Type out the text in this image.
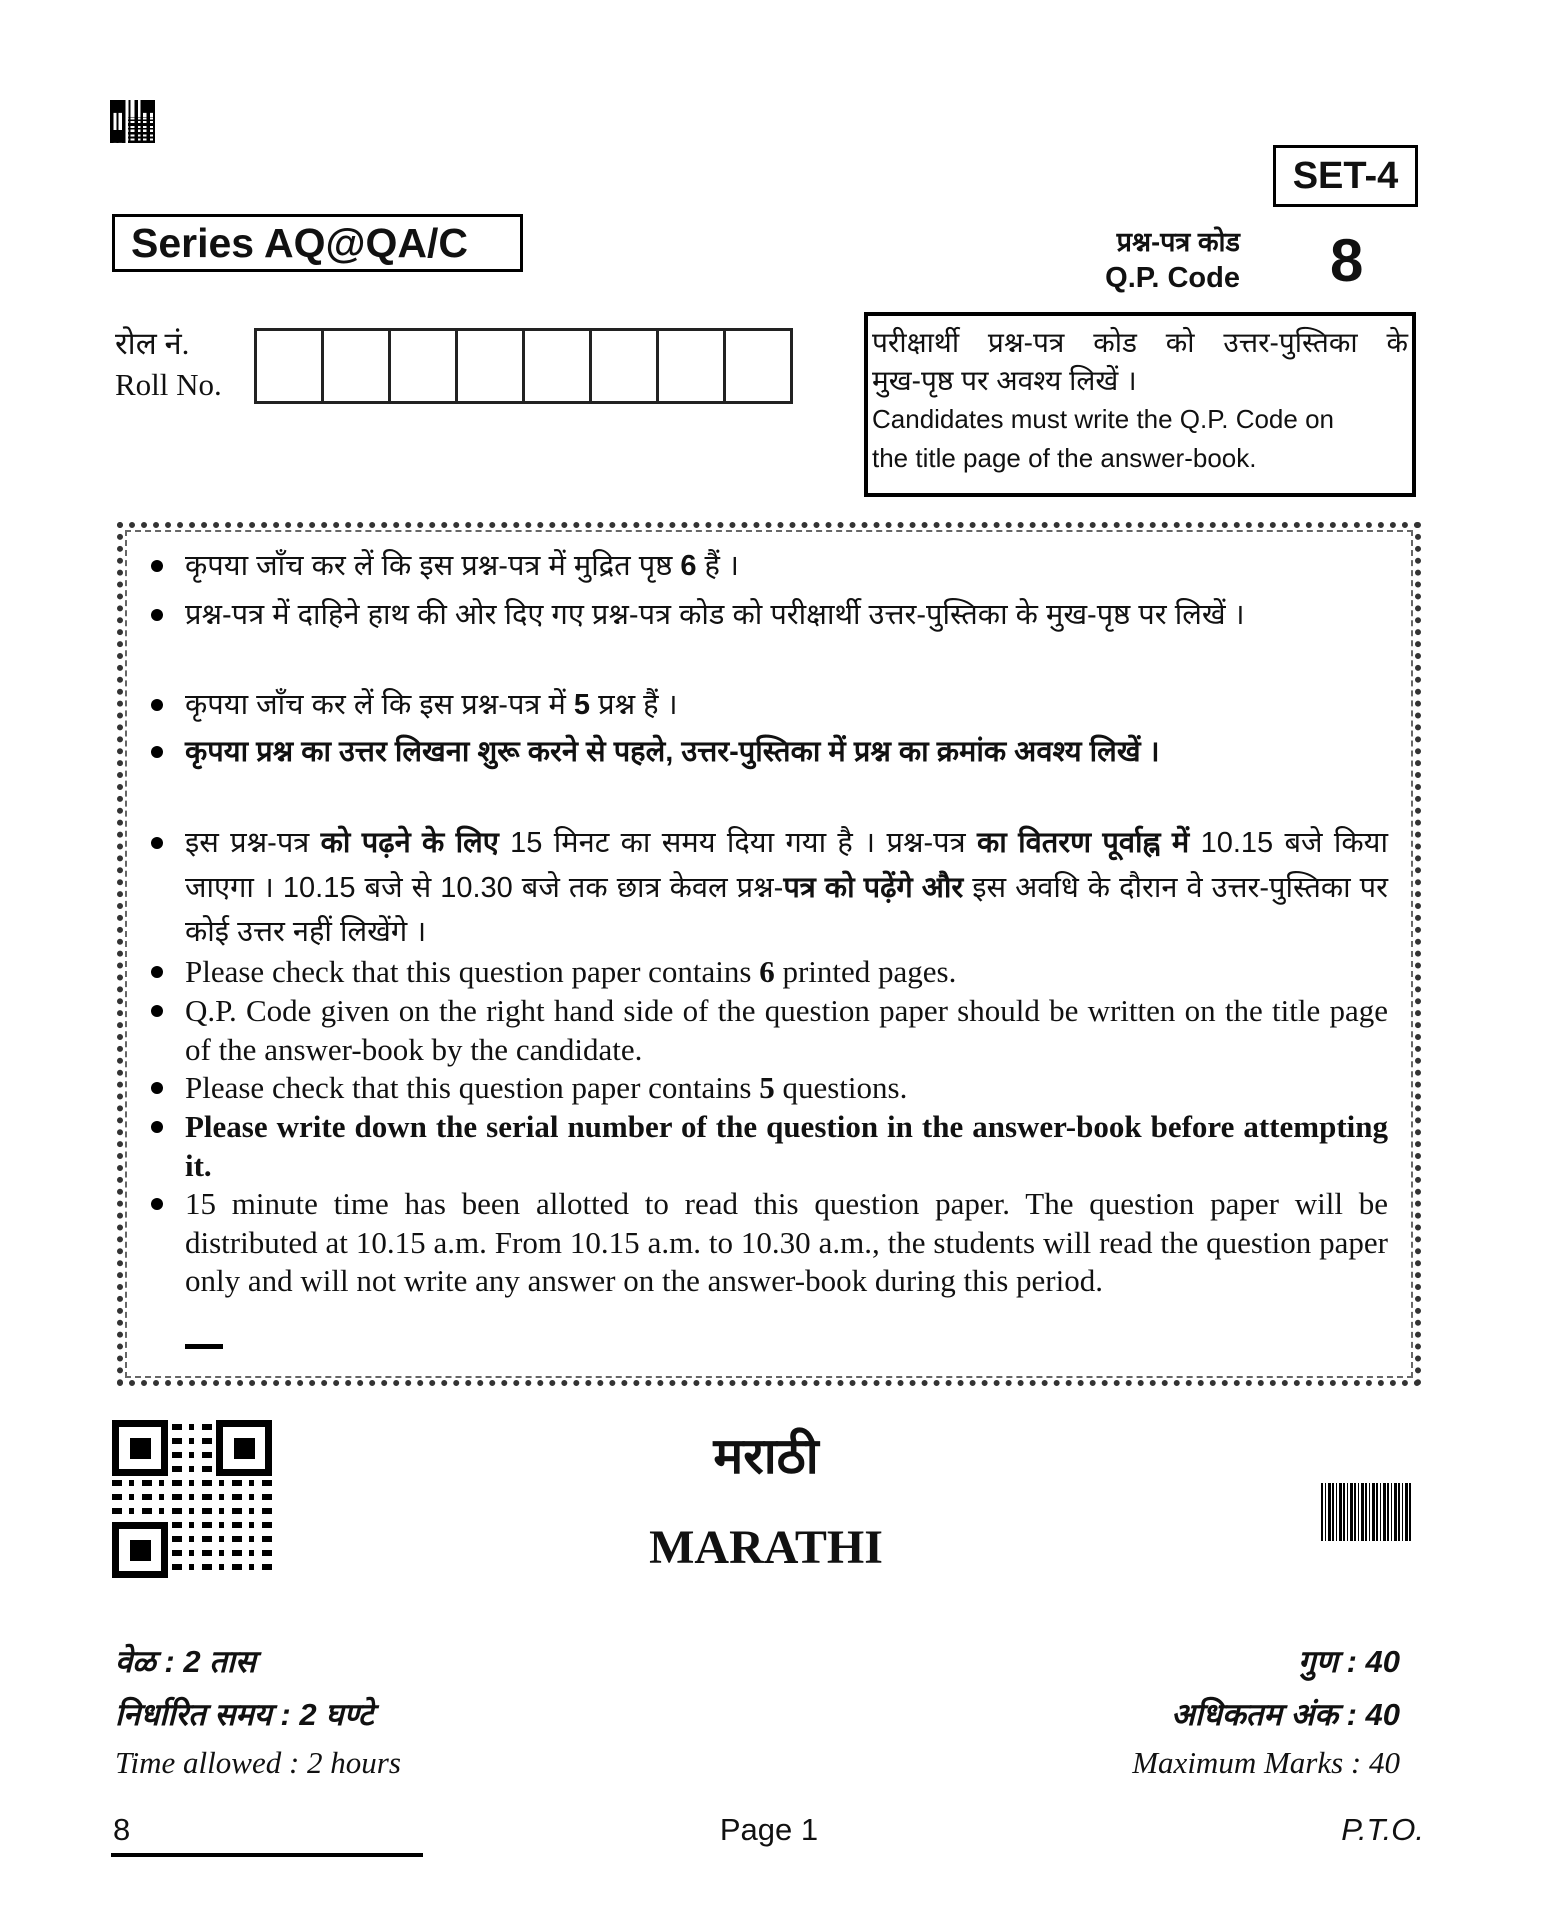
SET-4
Series AQ@QA/C	प्रश्न-पत्र कोड
Q.P. Code 8
रोल नं.
Roll No.
परीक्षार्थी प्रश्न-पत्र कोड को उत्तर-पुस्तिका के
मुख-पृष्ठ पर अवश्य लिखें ।
Candidates must write the Q.P. Code on
the title page of the answer-book.
कृपया जाँच कर लें कि इस प्रश्न-पत्र में मुद्रित पृष्ठ 6 हैं ।
प्रश्न-पत्र में दाहिने हाथ की ओर दिए गए प्रश्न-पत्र कोड को परीक्षार्थी उत्तर-पुस्तिका के मुख-पृष्ठ पर लिखें ।
कृपया जाँच कर लें कि इस प्रश्न-पत्र में 5 प्रश्न हैं ।
कृपया प्रश्न का उत्तर लिखना शुरू करने से पहले, उत्तर-पुस्तिका में प्रश्न का क्रमांक अवश्य लिखें ।
इस प्रश्न-पत्र को पढ़ने के लिए 15 मिनट का समय दिया गया है । प्रश्न-पत्र का वितरण पूर्वाह्न में 10.15 बजे किया जाएगा । 10.15 बजे से 10.30 बजे तक छात्र केवल प्रश्न-पत्र को पढ़ेंगे और इस अवधि के दौरान वे उत्तर-पुस्तिका पर कोई उत्तर नहीं लिखेंगे ।
Please check that this question paper contains 6 printed pages.
Q.P. Code given on the right hand side of the question paper should be written on the title page of the answer-book by the candidate.
Please check that this question paper contains 5 questions.
Please write down the serial number of the question in the answer-book before attempting it.
15 minute time has been allotted to read this question paper. The question paper will be distributed at 10.15 a.m. From 10.15 a.m. to 10.30 a.m., the students will read the question paper only and will not write any answer on the answer-book during this period.
मराठी
MARATHI
वेळ : 2 तास
निर्धारित समय : 2 घण्टे
Time allowed : 2 hours
गुण : 40
अधिकतम अंक : 40
Maximum Marks : 40
8	Page 1	P.T.O.
